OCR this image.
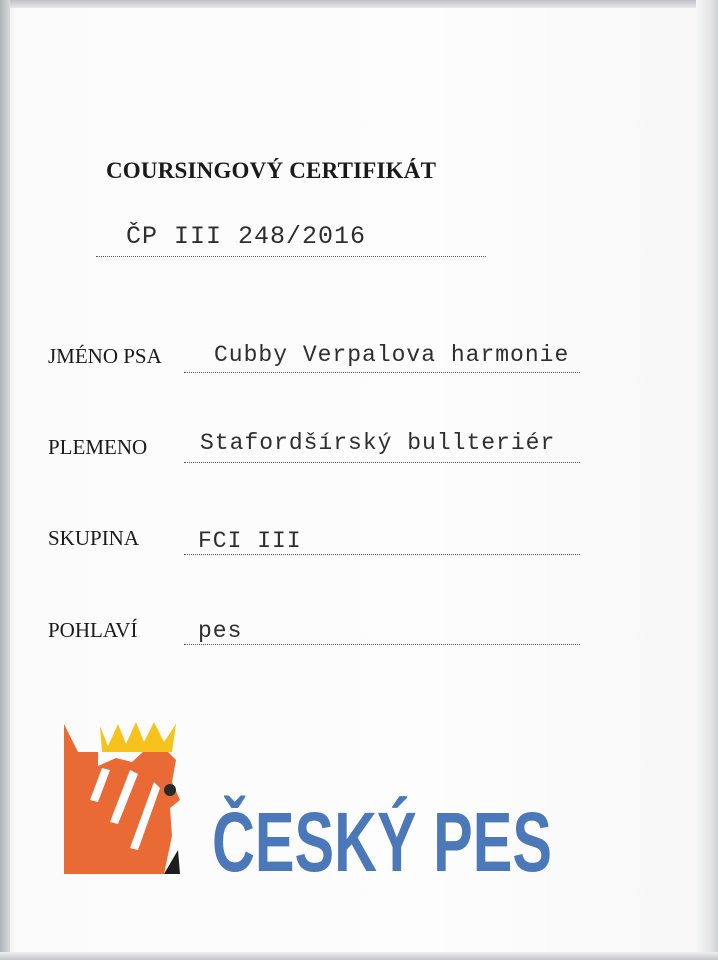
COURSINGOVÝ CERTIFIKÁT
ČP III 248/2016
JMÉNO PSA Cubby Verpalova harmonie
PLEMENO Stafordšírský bullteriér
SKUPINA	FCI III
POHLAVÍ	pes
ČESKÝ PES
